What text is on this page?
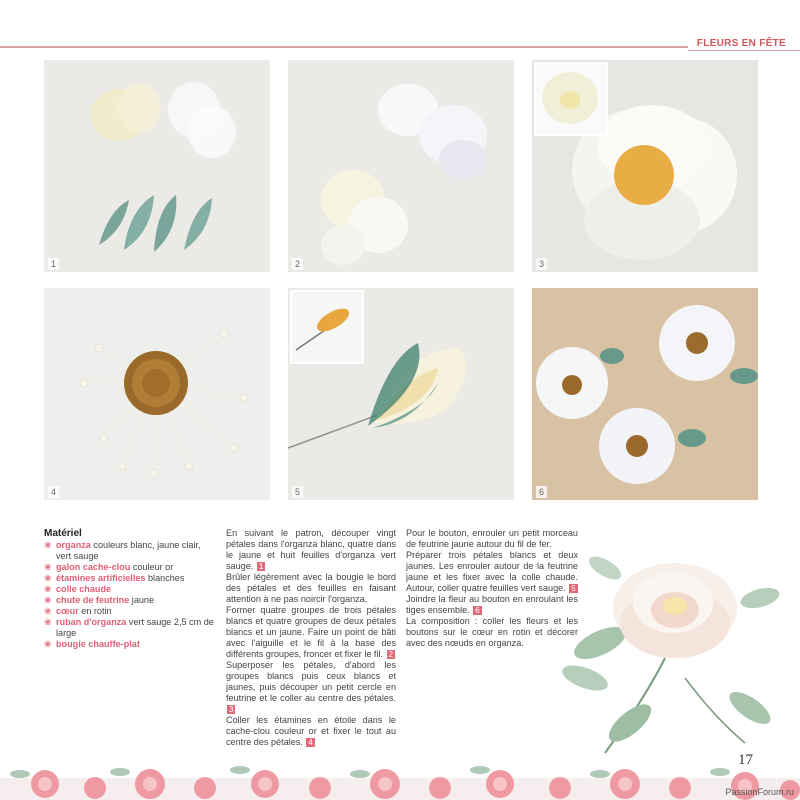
FLEURS EN FÊTE
1	2	3
4	5	6
Matériel
❀ organza couleurs blanc, jaune clair, vert sauge
❀ galon cache-clou couleur or
❀ étamines artificielles blanches
❀ colle chaude
❀ chute de feutrine jaune
❀ cœur en rotin
❀ ruban d'organza vert sauge 2,5 cm de large
❀ bougie chauffe-plat
En suivant le patron, découper vingt pétales dans l'organza blanc, quatre dans le jaune et huit feuilles d'organza vert sauge. 1
Brûler légèrement avec la bougie le bord des pétales et des feuilles en faisant attention à ne pas noircir l'organza.
Former quatre groupes de trois pétales blancs et quatre groupes de deux pétales blancs et un jaune. Faire un point de bâti avec l'aiguille et le fil à la base des différents groupes, froncer et fixer le fil. 2
Superposer les pétales, d'abord les groupes blancs puis ceux blancs et jaunes, puis découper un petit cercle en feutrine et le coller au centre des pétales. 3
Coller les étamines en étoile dans le cache-clou couleur or et fixer le tout au centre des pétales. 4
Pour le bouton, enrouler un petit morceau de feutrine jaune autour du fil de fer.
Préparer trois pétales blancs et deux jaunes. Les enrouler autour de la feutrine jaune et les fixer avec la colle chaude. Autour, coller quatre feuilles vert sauge. 5
Joindre la fleur au bouton en enroulant les tiges ensemble. 6
La composition : coller les fleurs et les boutons sur le cœur en rotin et décorer avec des nœuds en organza.
17
PassionForum.ru
